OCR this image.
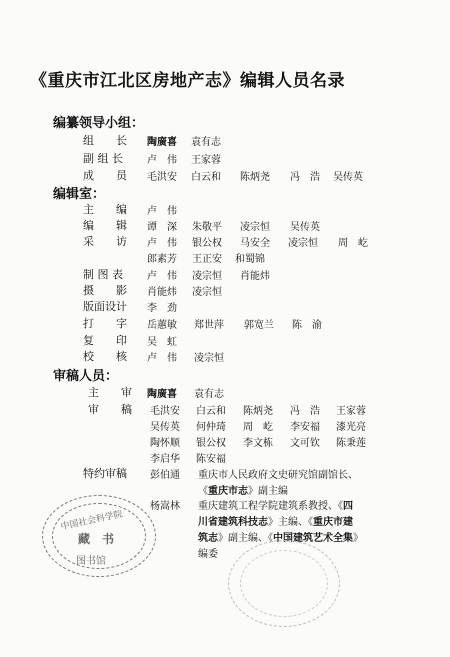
《重庆市江北区房地产志》编辑人员名录
编纂领导小组：
组　　长 陶廣喜 袁有志
副 组 长 卢　伟 王家蓉
成　　员 毛洪安 白云和 陈炳尧 冯　浩 吴传英
编辑室：
主　　编 卢　伟
编　　辑 谭　深 朱敬平 凌宗恒 吴传英
采　　访 卢　伟 银公权 马安全 凌宗恒 周　屹
郎素芳 王正安 和蜀锦
制 图 表 卢　伟 凌宗恒 肖能炜
摄　　影 肖能炜 凌宗恒
版面设计 李　劲
打　　字 岳蕙敏 郑世萍 郭宽兰 陈　渝
复　　印 吴　虹
校　　核 卢　伟 凌宗恒
审稿人员：
主　　审 陶廣喜 袁有志
审　　稿 毛洪安 白云和 陈炳尧 冯　浩 王家蓉
吴传英 何仲琦 周　屹 李安福 漆光亮
陶怀顺 银公权 李文栋 文可钦 陈秉莲
李启华 陈安福
特约审稿 彭伯通 重庆市人民政府文史研究馆副馆长、
《重庆市志》副主编
杨嵩林 重庆建筑工程学院建筑系教授、《四
川省建筑科技志》主编、《重庆市建
筑志》副主编、《中国建筑艺术全集》
编委
中国社会科学院
藏　书
图书馆
